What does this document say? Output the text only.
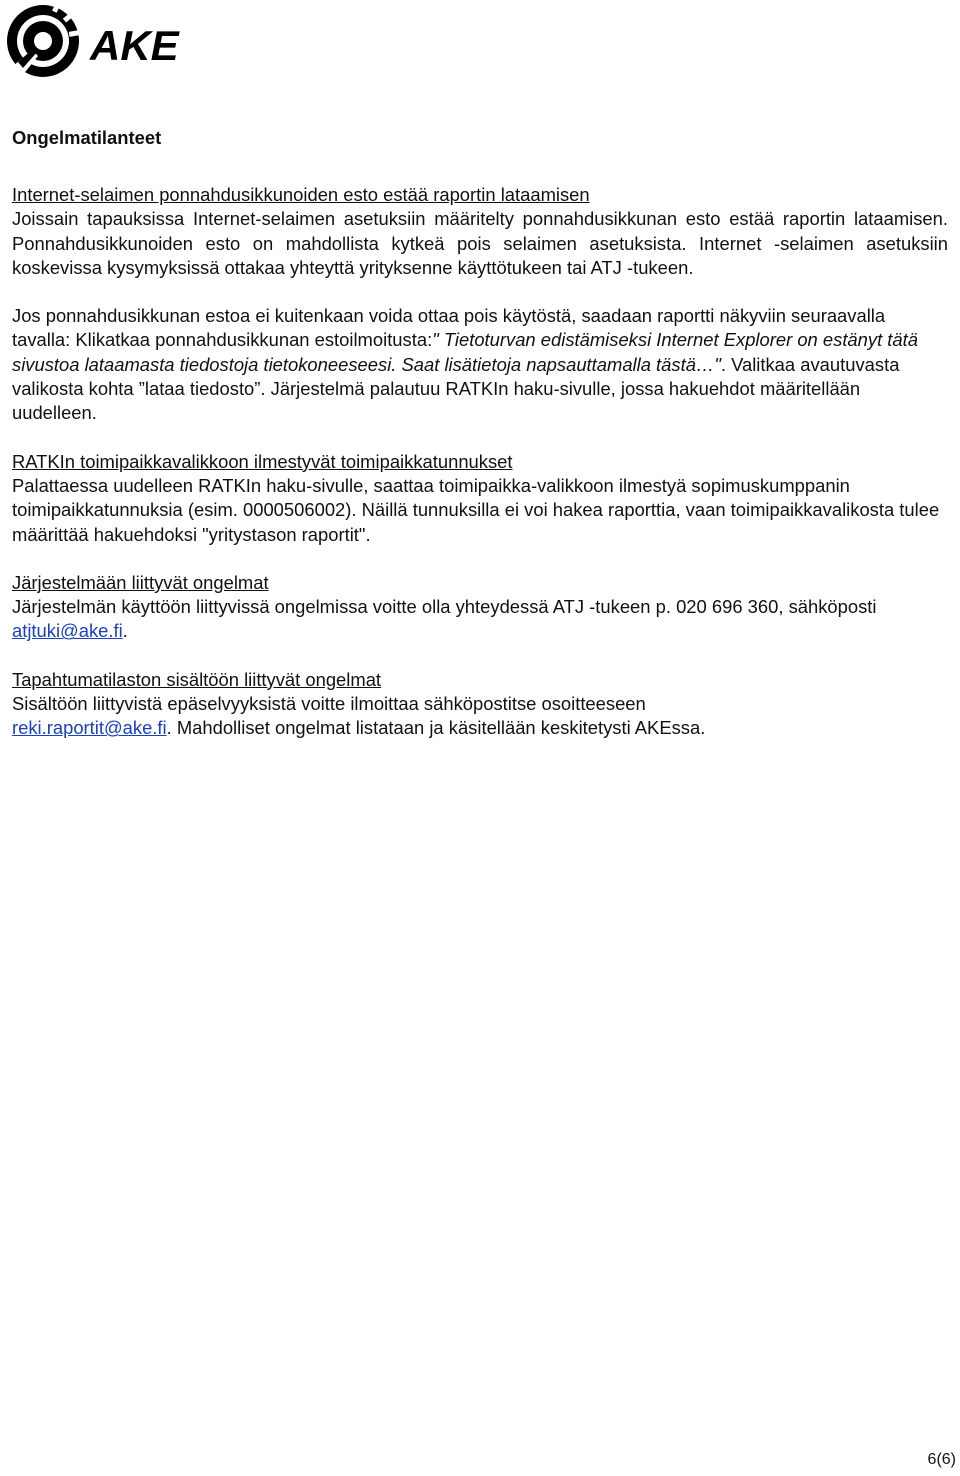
AKE
Ongelmatilanteet

Internet-selaimen ponnahdusikkunoiden esto estää raportin lataamisen

Joissain tapauksissa Internet-selaimen asetuksiin määritelty ponnahdusikkunan esto estää raportin lataamisen. Ponnahdusikkunoiden esto on mahdollista kytkeä pois selaimen asetuksista. Internet -selaimen asetuksiin koskevissa kysymyksissä ottakaa yhteyttä yrityksenne käyttötukeen tai ATJ -tukeen.

Jos ponnahdusikkunan estoa ei kuitenkaan voida ottaa pois käytöstä, saadaan raportti näkyviin seuraavalla tavalla: Klikatkaa ponnahdusikkunan estoilmoitusta:" Tietoturvan edistämiseksi Internet Explorer on estänyt tätä sivustoa lataamasta tiedostoja tietokoneeseesi. Saat lisätietoja napsauttamalla tästä…". Valitkaa avautuvasta valikosta kohta ”lataa tiedosto”. Järjestelmä palautuu RATKIn haku-sivulle, jossa hakuehdot määritellään uudelleen.

RATKIn toimipaikkavalikkoon ilmestyvät toimipaikkatunnukset

Palattaessa uudelleen RATKIn haku-sivulle, saattaa toimipaikka-valikkoon ilmestyä sopimuskumppanin toimipaikkatunnuksia (esim. 0000506002). Näillä tunnuksilla ei voi hakea raporttia, vaan toimipaikkavalikosta tulee määrittää hakuehdoksi "yritystason raportit".

Järjestelmään liittyvät ongelmat

Järjestelmän käyttöön liittyvissä ongelmissa voitte olla yhteydessä ATJ -tukeen p. 020 696 360, sähköposti atjtuki@ake.fi.

Tapahtumatilaston sisältöön liittyvät ongelmat

Sisältöön liittyvistä epäselvyyksistä voitte ilmoittaa sähköpostitse osoitteeseen
reki.raportit@ake.fi. Mahdolliset ongelmat listataan ja käsitellään keskitetysti AKEssa.

6(6)
